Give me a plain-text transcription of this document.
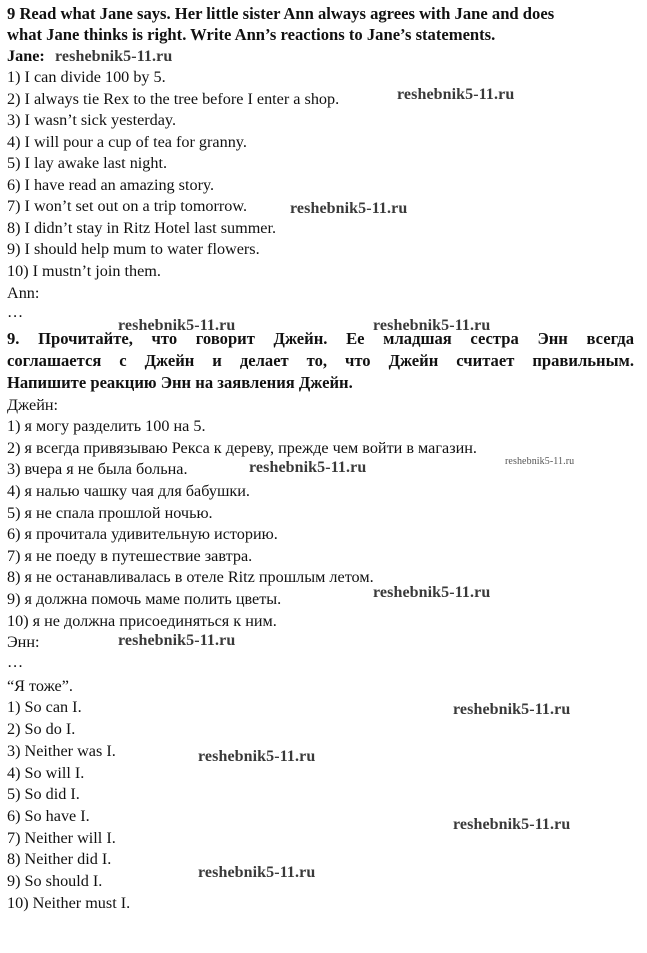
9 Read what Jane says. Her little sister Ann always agrees with Jane and does

what Jane thinks is right. Write Ann’s reactions to Jane’s statements.

Jane:

1) I can divide 100 by 5.

2) I always tie Rex to the tree before I enter a shop.

3) I wasn’t sick yesterday.

4) I will pour a cup of tea for granny.

5) I lay awake last night.

6) I have read an amazing story.

7) I won’t set out on a trip tomorrow.

8) I didn’t stay in Ritz Hotel last summer.

9) I should help mum to water flowers.

10) I mustn’t join them.

Ann:

…

9. Прочитайте, что говорит Джейн. Ее младшая сестра Энн всегда

соглашается с Джейн и делает то, что Джейн считает правильным.

Напишите реакцию Энн на заявления Джейн.

Джейн:

1) я могу разделить 100 на 5.

2) я всегда привязываю Рекса к дереву, прежде чем войти в магазин.

3) вчера я не была больна.

4) я налью чашку чая для бабушки.

5) я не спала прошлой ночью.

6) я прочитала удивительную историю.

7) я не поеду в путешествие завтра.

8) я не останавливалась в отеле Ritz прошлым летом.

9) я должна помочь маме полить цветы.

10) я не должна присоединяться к ним.

Энн:

…

“Я тоже”.

1) So can I.

2) So do I.

3) Neither was I.

4) So will I.

5) So did I.

6) So have I.

7) Neither will I.

8) Neither did I.

9) So should I.

10) Neither must I.

reshebnik5-11.ru
reshebnik5-11.ru
reshebnik5-11.ru
reshebnik5-11.ru	reshebnik5-11.ru
reshebnik5-11.ru	reshebnik5-11.ru
reshebnik5-11.ru
reshebnik5-11.ru
reshebnik5-11.ru
reshebnik5-11.ru
reshebnik5-11.ru
reshebnik5-11.ru
